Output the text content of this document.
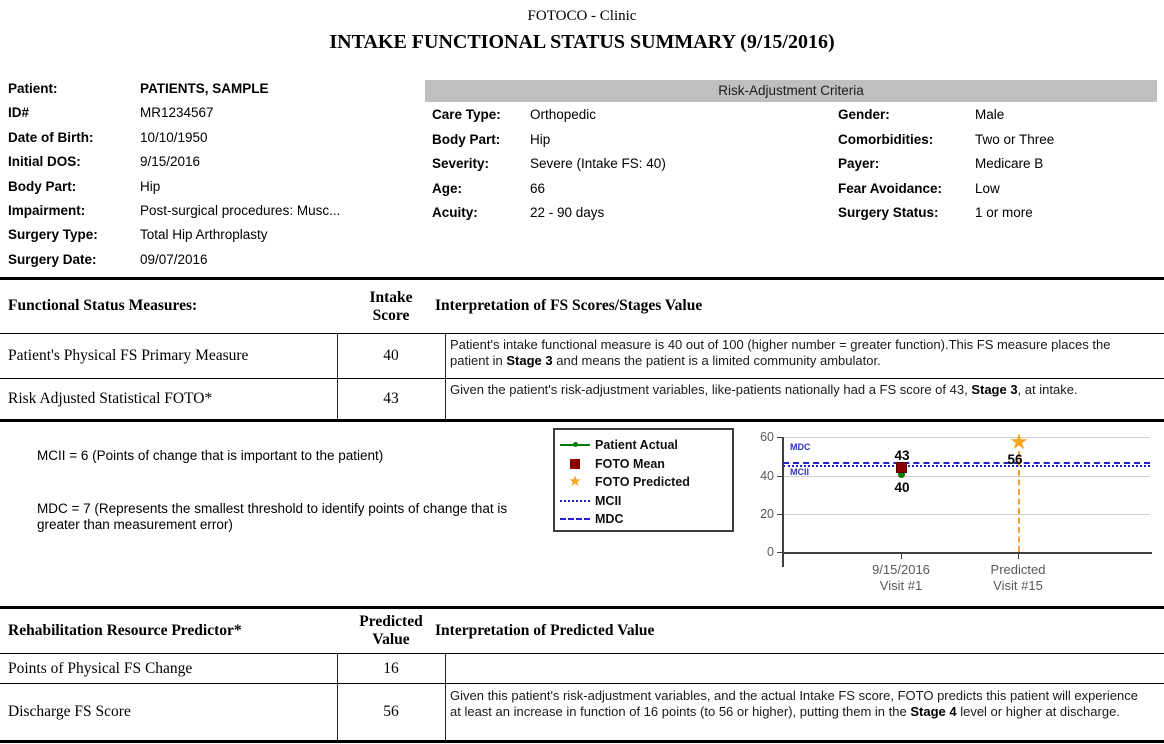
FOTOCO - Clinic
INTAKE FUNCTIONAL STATUS SUMMARY (9/15/2016)
Patient:	PATIENTS, SAMPLE
ID#	MR1234567
Date of Birth:	10/10/1950
Initial DOS:	9/15/2016
Body Part:	Hip
Impairment:	Post-surgical procedures: Musc...
Surgery Type:	Total Hip Arthroplasty
Surgery Date:	09/07/2016
Risk-Adjustment Criteria
Care Type: Orthopedic
Body Part: Hip
Severity:	Severe (Intake FS: 40)
Age:	66
Acuity:	22 - 90 days
Gender:	Male
Comorbidities:	Two or Three
Payer:	Medicare B
Fear Avoidance: Low
Surgery Status:	1 or more
Functional Status Measures:	Intake Score
Interpretation of FS Scores/Stages Value
Patient's Physical FS Primary Measure	40
Patient's intake functional measure is 40 out of 100 (higher number = greater function).This FS measure places the patient in Stage 3 and means the patient is a limited community ambulator.
Risk Adjusted Statistical FOTO*	43
Given the patient's risk-adjustment variables, like-patients nationally had a FS score of 43, Stage 3, at intake.
MCII = 6 (Points of change that is important to the patient)
MDC = 7 (Represents the smallest threshold to identify points of change that is greater than measurement error)
Patient Actual
FOTO Mean
★	FOTO Predicted
MCII
MDC
60
40
20
0
MDC
MCII
★
43
40
56
9/15/2016
Visit #1
Predicted
Visit #15
Rehabilitation Resource Predictor*
Predicted Value
Interpretation of Predicted Value
Points of Physical FS Change	16
Discharge FS Score	56
Given this patient's risk-adjustment variables, and the actual Intake FS score, FOTO predicts this patient will experience at least an increase in function of 16 points (to 56 or higher), putting them in the Stage 4 level or higher at discharge.
